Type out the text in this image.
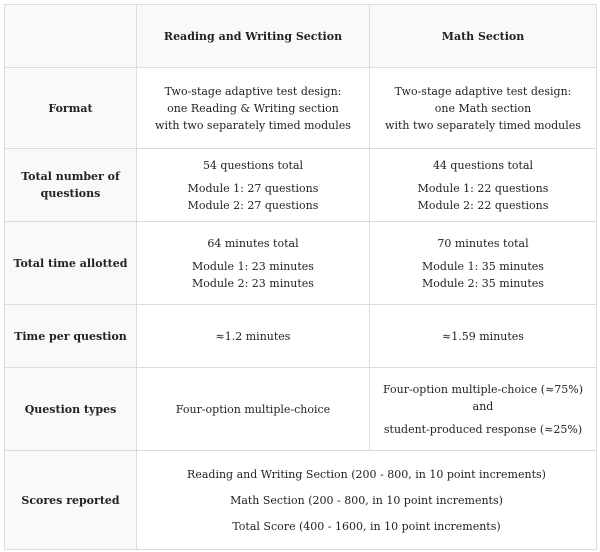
	Reading and Writing Section	Math Section
Format	Two-stage adaptive test design:
one Reading & Writing section
with two separately timed modules	Two-stage adaptive test design:
one Math section
with two separately timed modules

Total number of
questions	54 questions total
Module 1: 27 questions
Module 2: 27 questions	44 questions total
Module 1: 22 questions
Module 2: 22 questions

Total time allotted	64 minutes total
Module 1: 23 minutes
Module 2: 23 minutes	70 minutes total
Module 1: 35 minutes
Module 2: 35 minutes

Time per question	≈1.2 minutes	≈1.59 minutes
Question types	Four-option multiple-choice	Four-option multiple-choice (≈75%) and
student-produced response (≈25%)

Scores reported	Reading and Writing Section (200 - 800, in 10 point increments)
Math Section (200 - 800, in 10 point increments)
Total Score (400 - 1600, in 10 point increments)	
